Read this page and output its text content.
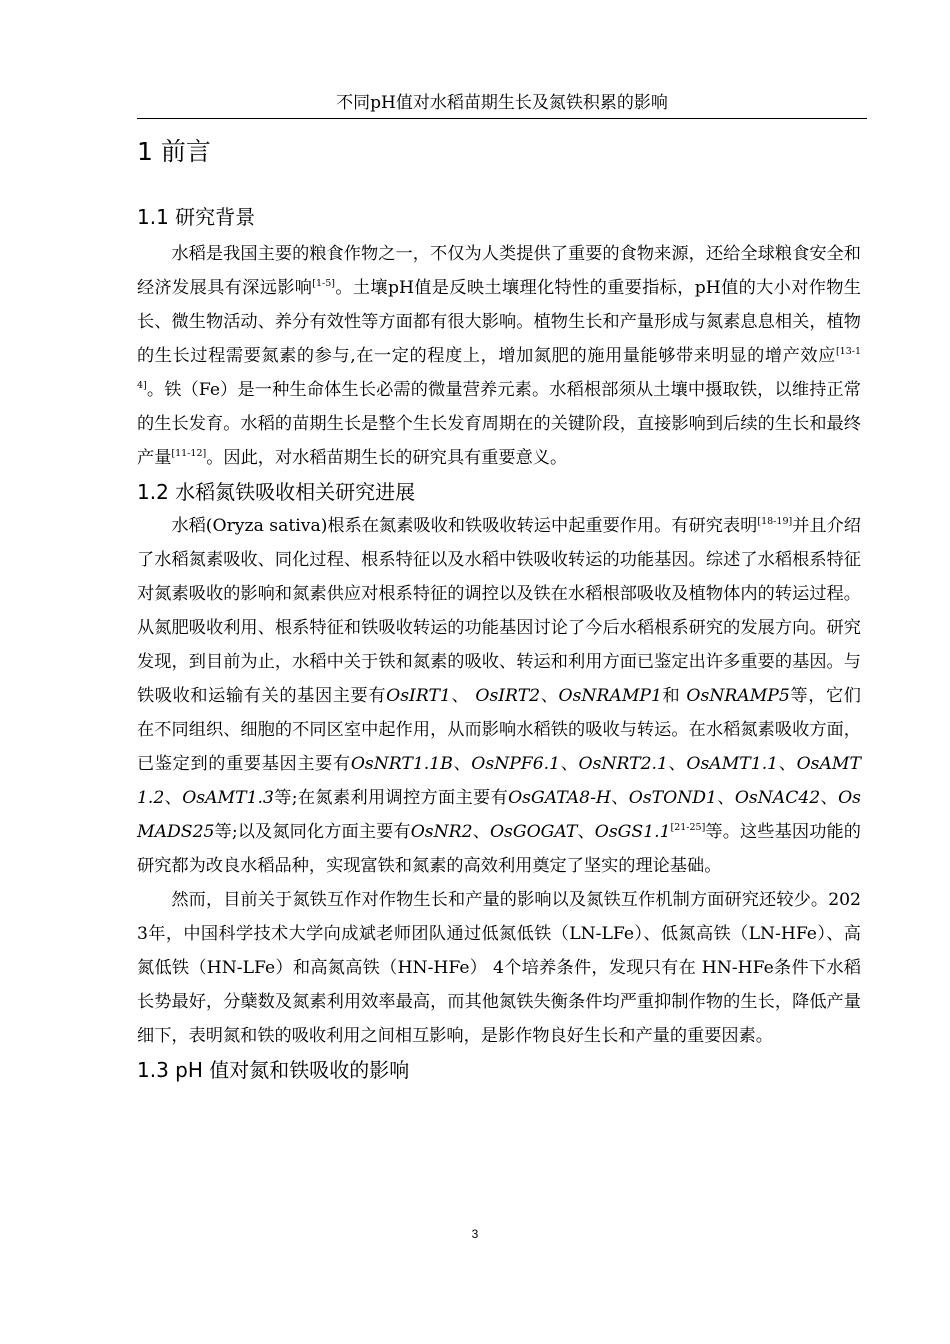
不同pH值对水稻苗期生长及氮铁积累的影响
1 前言
1.1 研究背景

水稻是我国主要的粮食作物之一，不仅为人类提供了重要的食物来源，还给全球粮食安全和经济发展具有深远影响[1-5]。土壤pH值是反映土壤理化特性的重要指标，pH值的大小对作物生长、微生物活动、养分有效性等方面都有很大影响。植物生长和产量形成与氮素息息相关，植物的生长过程需要氮素的参与,在一定的程度上，增加氮肥的施用量能够带来明显的增产效应[13-14]。铁（Fe）是一种生命体生长必需的微量营养元素。水稻根部须从土壤中摄取铁，以维持正常的生长发育。水稻的苗期生长是整个生长发育周期在的关键阶段，直接影响到后续的生长和最终产量[11-12]。因此，对水稻苗期生长的研究具有重要意义。

1.2 水稻氮铁吸收相关研究进展

水稻(Oryza sativa)根系在氮素吸收和铁吸收转运中起重要作用。有研究表明[18-19]并且介绍了水稻氮素吸收、同化过程、根系特征以及水稻中铁吸收转运的功能基因。综述了水稻根系特征对氮素吸收的影响和氮素供应对根系特征的调控以及铁在水稻根部吸收及植物体内的转运过程。从氮肥吸收利用、根系特征和铁吸收转运的功能基因讨论了今后水稻根系研究的发展方向。研究发现，到目前为止，水稻中关于铁和氮素的吸收、转运和利用方面已鉴定出许多重要的基因。与铁吸收和运输有关的基因主要有OsIRT1、 OsIRT2、OsNRAMP1和 OsNRAMP5等，它们在不同组织、细胞的不同区室中起作用，从而影响水稻铁的吸收与转运。在水稻氮素吸收方面，已鉴定到的重要基因主要有OsNRT1.1B、OsNPF6.1、OsNRT2.1、OsAMT1.1、OsAMT1.2、OsAMT1.3等;在氮素利用调控方面主要有OsGATA8-H、OsTOND1、OsNAC42、OsMADS25等;以及氮同化方面主要有OsNR2、OsGOGAT、OsGS1.1[21-25]等。这些基因功能的研究都为改良水稻品种，实现富铁和氮素的高效利用奠定了坚实的理论基础。

然而，目前关于氮铁互作对作物生长和产量的影响以及氮铁互作机制方面研究还较少。2023年，中国科学技术大学向成斌老师团队通过低氮低铁（LN-LFe）、低氮高铁（LN-HFe）、高氮低铁（HN-LFe）和高氮高铁（HN-HFe） 4个培养条件，发现只有在 HN-HFe条件下水稻长势最好，分蘖数及氮素利用效率最高，而其他氮铁失衡条件均严重抑制作物的生长，降低产量细下，表明氮和铁的吸收利用之间相互影响，是影作物良好生长和产量的重要因素。

1.3 pH 值对氮和铁吸收的影响
3
